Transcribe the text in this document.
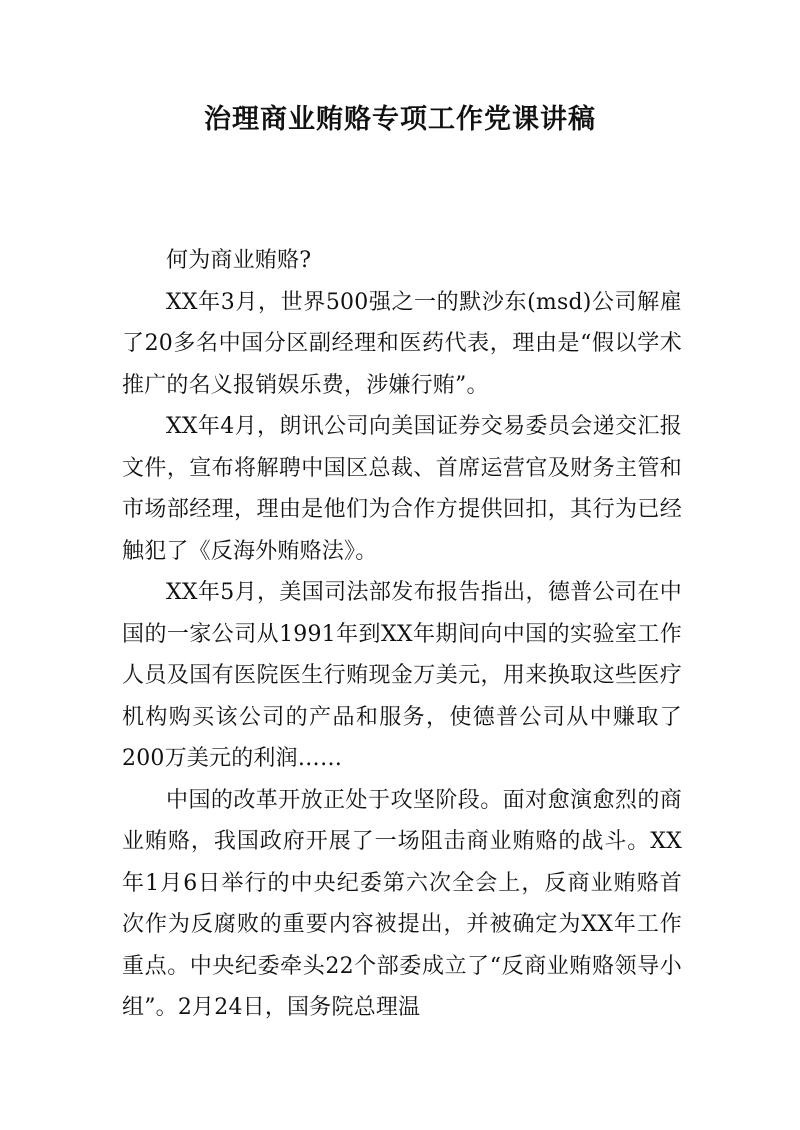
治理商业贿赂专项工作党课讲稿

何为商业贿赂?

XX年3月，世界500强之一的默沙东(msd)公司解雇了20多名中国分区副经理和医药代表，理由是“假以学术推广的名义报销娱乐费，涉嫌行贿”。

XX年4月，朗讯公司向美国证券交易委员会递交汇报文件，宣布将解聘中国区总裁、首席运营官及财务主管和市场部经理，理由是他们为合作方提供回扣，其行为已经触犯了《反海外贿赂法》。

XX年5月，美国司法部发布报告指出，德普公司在中国的一家公司从1991年到XX年期间向中国的实验室工作人员及国有医院医生行贿现金万美元，用来换取这些医疗机构购买该公司的产品和服务，使德普公司从中赚取了200万美元的利润……

中国的改革开放正处于攻坚阶段。面对愈演愈烈的商业贿赂，我国政府开展了一场阻击商业贿赂的战斗。XX年1月6日举行的中央纪委第六次全会上，反商业贿赂首次作为反腐败的重要内容被提出，并被确定为XX年工作重点。中央纪委牵头22个部委成立了“反商业贿赂领导小组”。2月24日，国务院总理温
